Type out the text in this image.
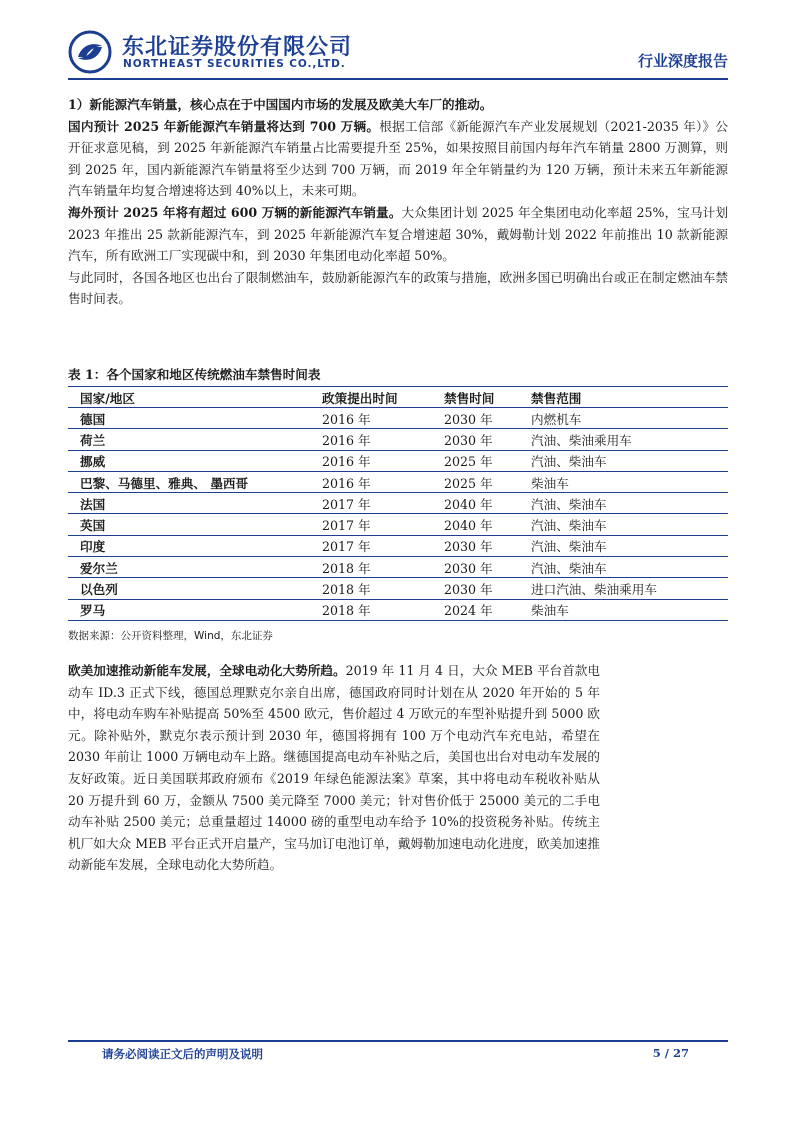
东北证券股份有限公司
NORTHEAST SECURITIES CO.,LTD.	行业深度报告

1）新能源汽车销量，核心点在于中国国内市场的发展及欧美大车厂的推动。

国内预计 2025 年新能源汽车销量将达到 700 万辆。根据工信部《新能源汽车产业发展规划（2021-2035 年）》公开征求意见稿，到 2025 年新能源汽车销量占比需要提升至 25%，如果按照目前国内每年汽车销量 2800 万测算，则到 2025 年，国内新能源汽车销量将至少达到 700 万辆，而 2019 年全年销量约为 120 万辆，预计未来五年新能源汽车销量年均复合增速将达到 40%以上，未来可期。

海外预计 2025 年将有超过 600 万辆的新能源汽车销量。大众集团计划 2025 年全集团电动化率超 25%，宝马计划 2023 年推出 25 款新能源汽车，到 2025 年新能源汽车复合增速超 30%，戴姆勒计划 2022 年前推出 10 款新能源汽车，所有欧洲工厂实现碳中和，到 2030 年集团电动化率超 50%。

与此同时，各国各地区也出台了限制燃油车，鼓励新能源汽车的政策与措施，欧洲多国已明确出台或正在制定燃油车禁售时间表。

表 1：各个国家和地区传统燃油车禁售时间表
国家/地区	政策提出时间	禁售时间	禁售范围
德国	2016 年	2030 年	内燃机车
荷兰	2016 年	2030 年	汽油、柴油乘用车
挪威	2016 年	2025 年	汽油、柴油车
巴黎、马德里、雅典、 墨西哥	2016 年	2025 年	柴油车
法国	2017 年	2040 年	汽油、柴油车
英国	2017 年	2040 年	汽油、柴油车
印度	2017 年	2030 年	汽油、柴油车
爱尔兰	2018 年	2030 年	汽油、柴油车
以色列	2018 年	2030 年	进口汽油、柴油乘用车
罗马	2018 年	2024 年	柴油车
数据来源：公开资料整理，Wind，东北证券

欧美加速推动新能车发展，全球电动化大势所趋。2019 年 11 月 4 日，大众 MEB 平台首款电动车 ID.3 正式下线，德国总理默克尔亲自出席，德国政府同时计划在从 2020 年开始的 5 年中，将电动车购车补贴提高 50%至 4500 欧元，售价超过 4 万欧元的车型补贴提升到 5000 欧元。除补贴外，默克尔表示预计到 2030 年，德国将拥有 100 万个电动汽车充电站，希望在 2030 年前让 1000 万辆电动车上路。继德国提高电动车补贴之后，美国也出台对电动车发展的友好政策。近日美国联邦政府颁布《2019 年绿色能源法案》草案，其中将电动车税收补贴从 20 万提升到 60 万，金额从 7500 美元降至 7000 美元；针对售价低于 25000 美元的二手电动车补贴 2500 美元；总重量超过 14000 磅的重型电动车给予 10%的投资税务补贴。传统主机厂如大众 MEB 平台正式开启量产，宝马加订电池订单，戴姆勒加速电动化进度，欧美加速推动新能车发展，全球电动化大势所趋。

请务必阅读正文后的声明及说明	5 / 27
